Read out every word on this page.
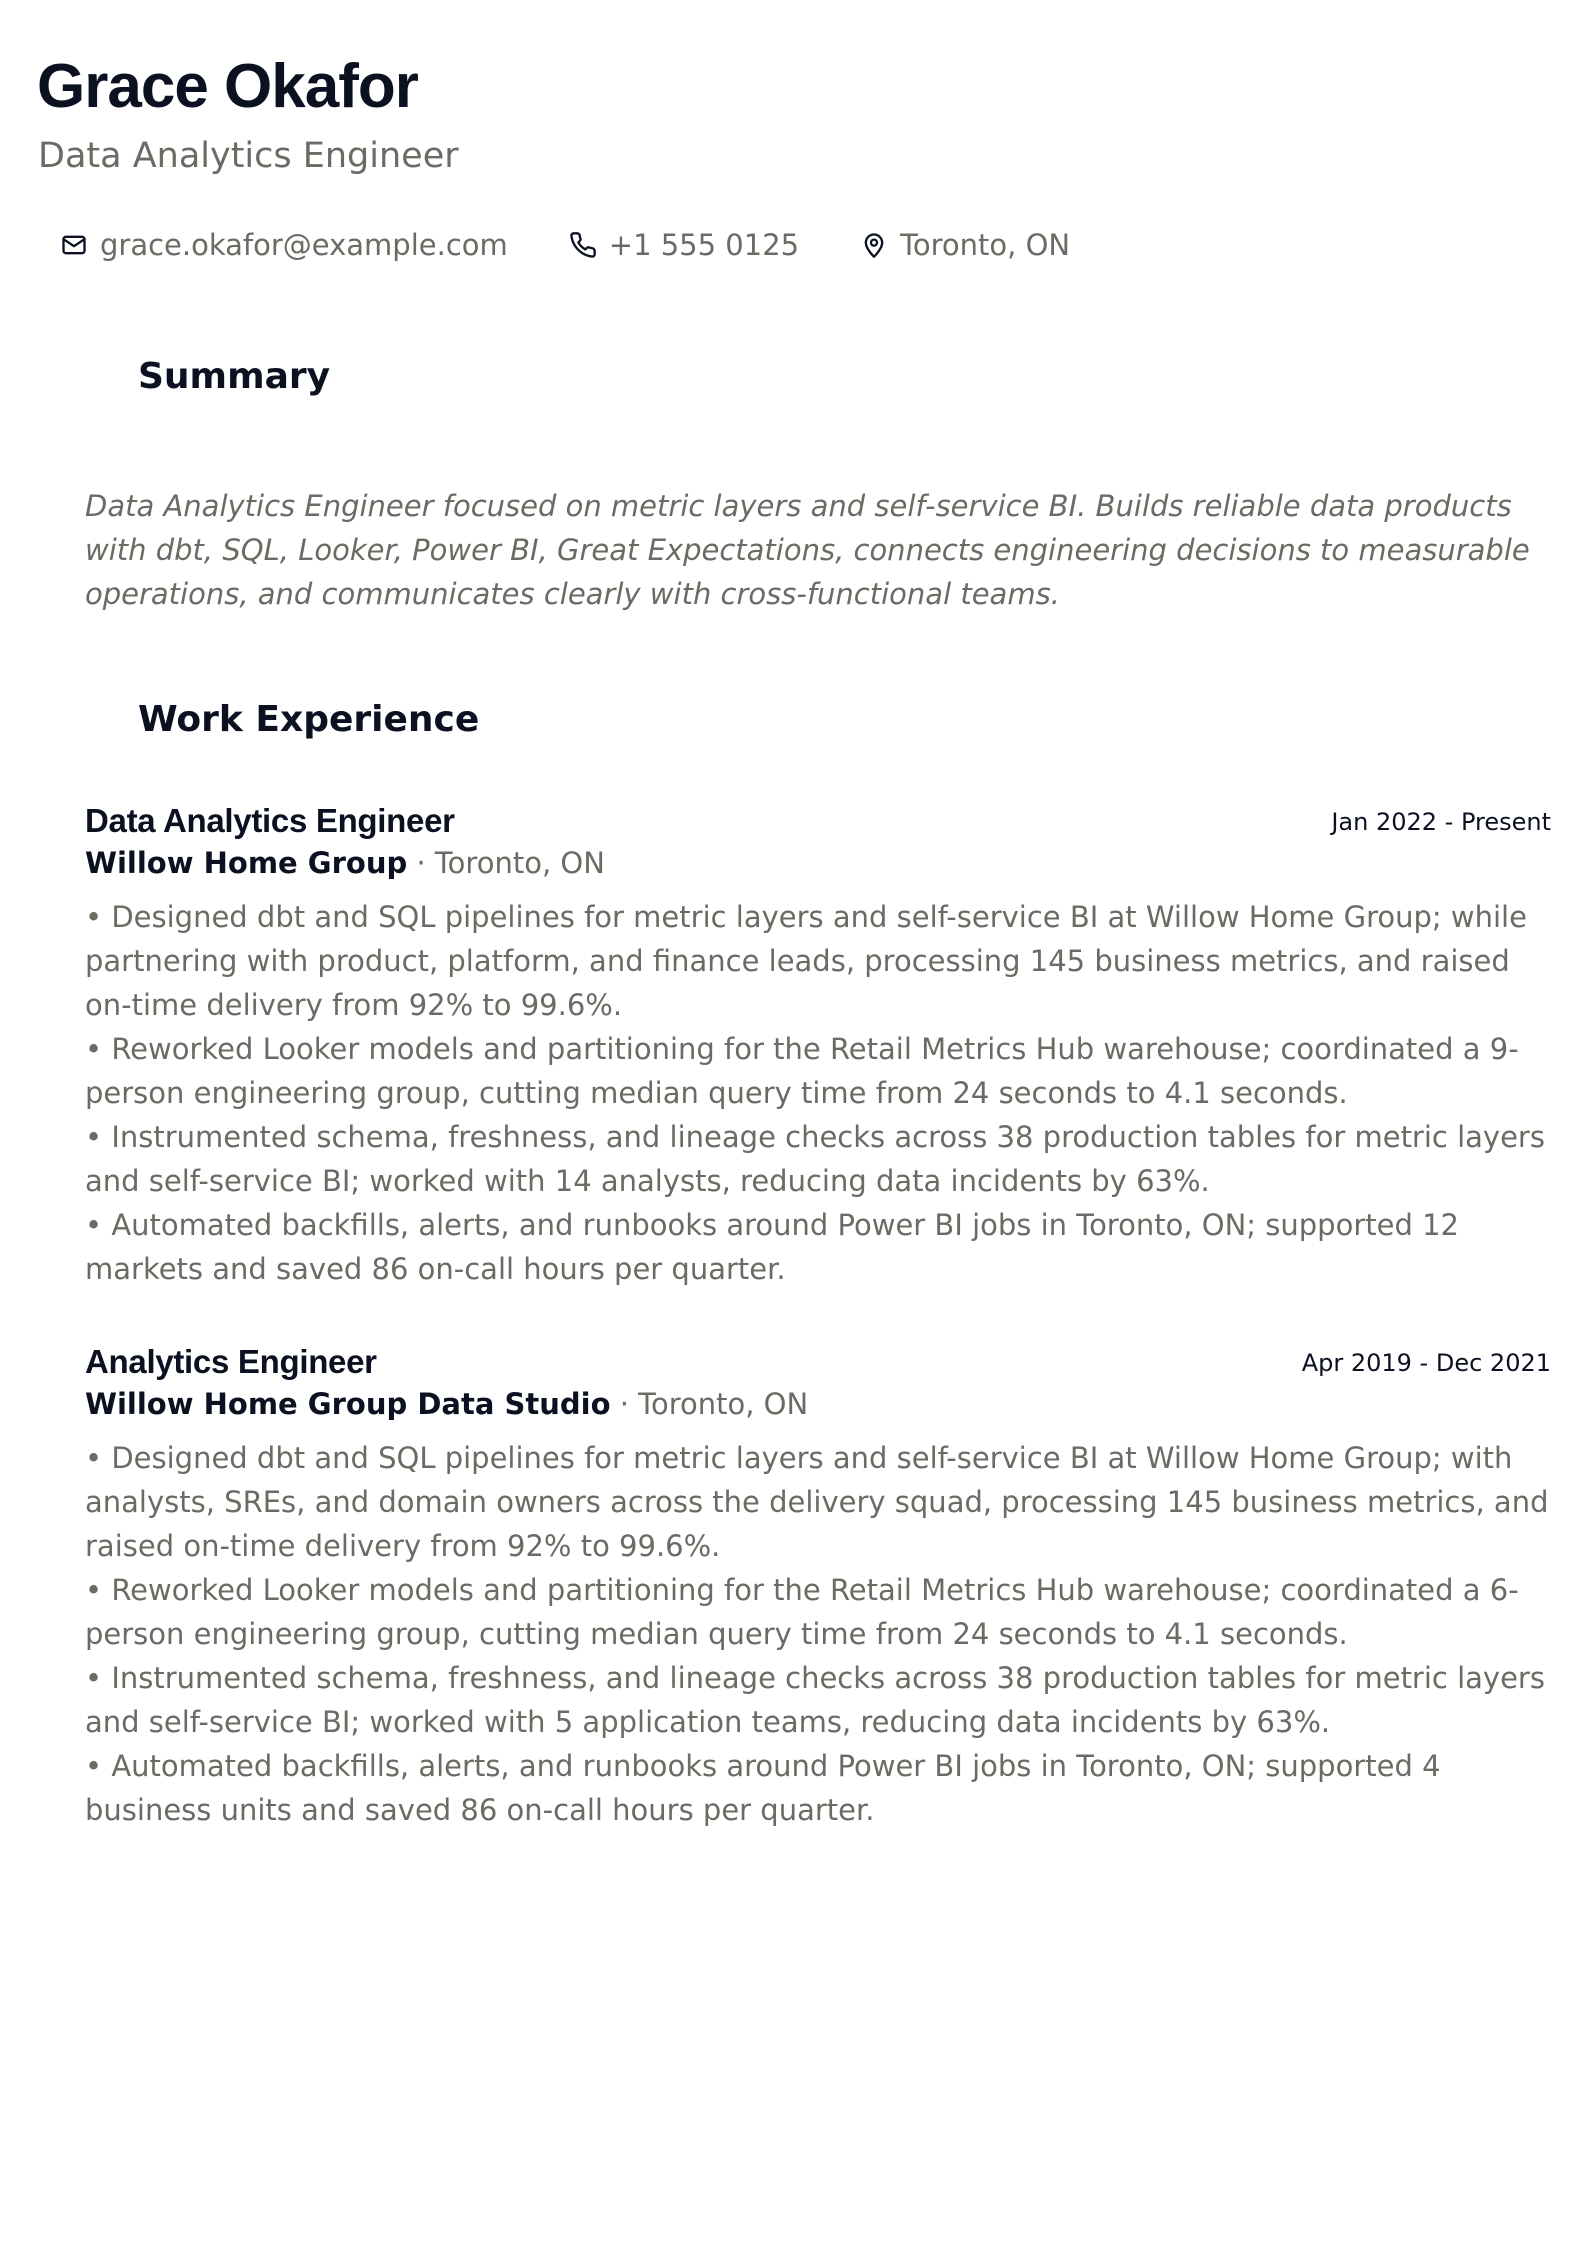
Grace Okafor
Data Analytics Engineer
grace.okafor@example.com	+1 555 0125	Toronto, ON
Summary

Data Analytics Engineer focused on metric layers and self-service BI. Builds reliable data products with dbt, SQL, Looker, Power BI, Great Expectations, connects engineering decisions to measurable operations, and communicates clearly with cross-functional teams.

Work Experience
Data Analytics Engineer	Jan 2022 - Present
Willow Home Group · Toronto, ON
• Designed dbt and SQL pipelines for metric layers and self-service BI at Willow Home Group; while partnering with product, platform, and finance leads, processing 145 business metrics, and raised on-time delivery from 92% to 99.6%.
• Reworked Looker models and partitioning for the Retail Metrics Hub warehouse; coordinated a 9-person engineering group, cutting median query time from 24 seconds to 4.1 seconds.
• Instrumented schema, freshness, and lineage checks across 38 production tables for metric layers and self-service BI; worked with 14 analysts, reducing data incidents by 63%.
• Automated backfills, alerts, and runbooks around Power BI jobs in Toronto, ON; supported 12 markets and saved 86 on-call hours per quarter.
Analytics Engineer	Apr 2019 - Dec 2021
Willow Home Group Data Studio · Toronto, ON
• Designed dbt and SQL pipelines for metric layers and self-service BI at Willow Home Group; with analysts, SREs, and domain owners across the delivery squad, processing 145 business metrics, and raised on-time delivery from 92% to 99.6%.
• Reworked Looker models and partitioning for the Retail Metrics Hub warehouse; coordinated a 6-person engineering group, cutting median query time from 24 seconds to 4.1 seconds.
• Instrumented schema, freshness, and lineage checks across 38 production tables for metric layers and self-service BI; worked with 5 application teams, reducing data incidents by 63%.
• Automated backfills, alerts, and runbooks around Power BI jobs in Toronto, ON; supported 4 business units and saved 86 on-call hours per quarter.
